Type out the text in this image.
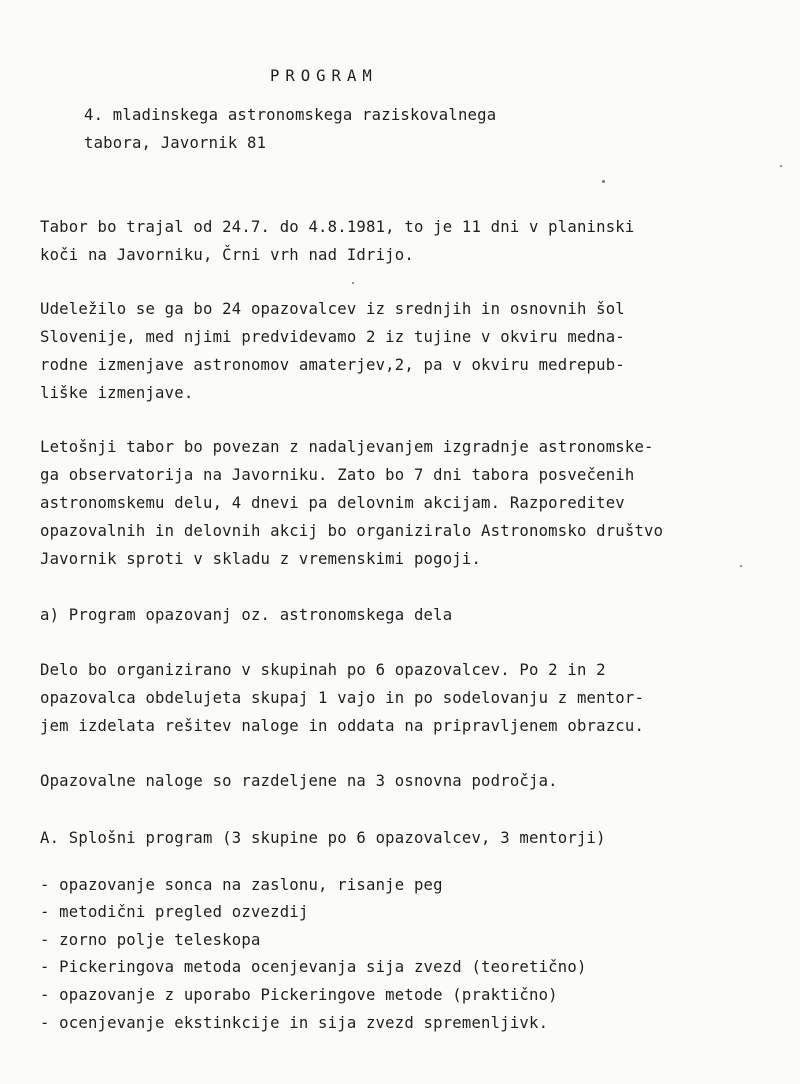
PROGRAM
4. mladinskega astronomskega raziskovalnega
tabora, Javornik 81
Tabor bo trajal od 24.7. do 4.8.1981, to je 11 dni v planinski
koči na Javorniku, Črni vrh nad Idrijo.
Udeležilo se ga bo 24 opazovalcev iz srednjih in osnovnih šol
Slovenije, med njimi predvidevamo 2 iz tujine v okviru medna-
rodne izmenjave astronomov amaterjev,2, pa v okviru medrepub-
liške izmenjave.
Letošnji tabor bo povezan z nadaljevanjem izgradnje astronomske-
ga observatorija na Javorniku. Zato bo 7 dni tabora posvečenih
astronomskemu delu, 4 dnevi pa delovnim akcijam. Razporeditev
opazovalnih in delovnih akcij bo organiziralo Astronomsko društvo
Javornik sproti v skladu z vremenskimi pogoji.
a) Program opazovanj oz. astronomskega dela
Delo bo organizirano v skupinah po 6 opazovalcev. Po 2 in 2
opazovalca obdelujeta skupaj 1 vajo in po sodelovanju z mentor-
jem izdelata rešitev naloge in oddata na pripravljenem obrazcu.
Opazovalne naloge so razdeljene na 3 osnovna področja.
A. Splošni program (3 skupine po 6 opazovalcev, 3 mentorji)
- opazovanje sonca na zaslonu, risanje peg
- metodični pregled ozvezdij
- zorno polje teleskopa
- Pickeringova metoda ocenjevanja sija zvezd (teoretično)
- opazovanje z uporabo Pickeringove metode (praktično)
- ocenjevanje ekstinkcije in sija zvezd spremenljivk.
